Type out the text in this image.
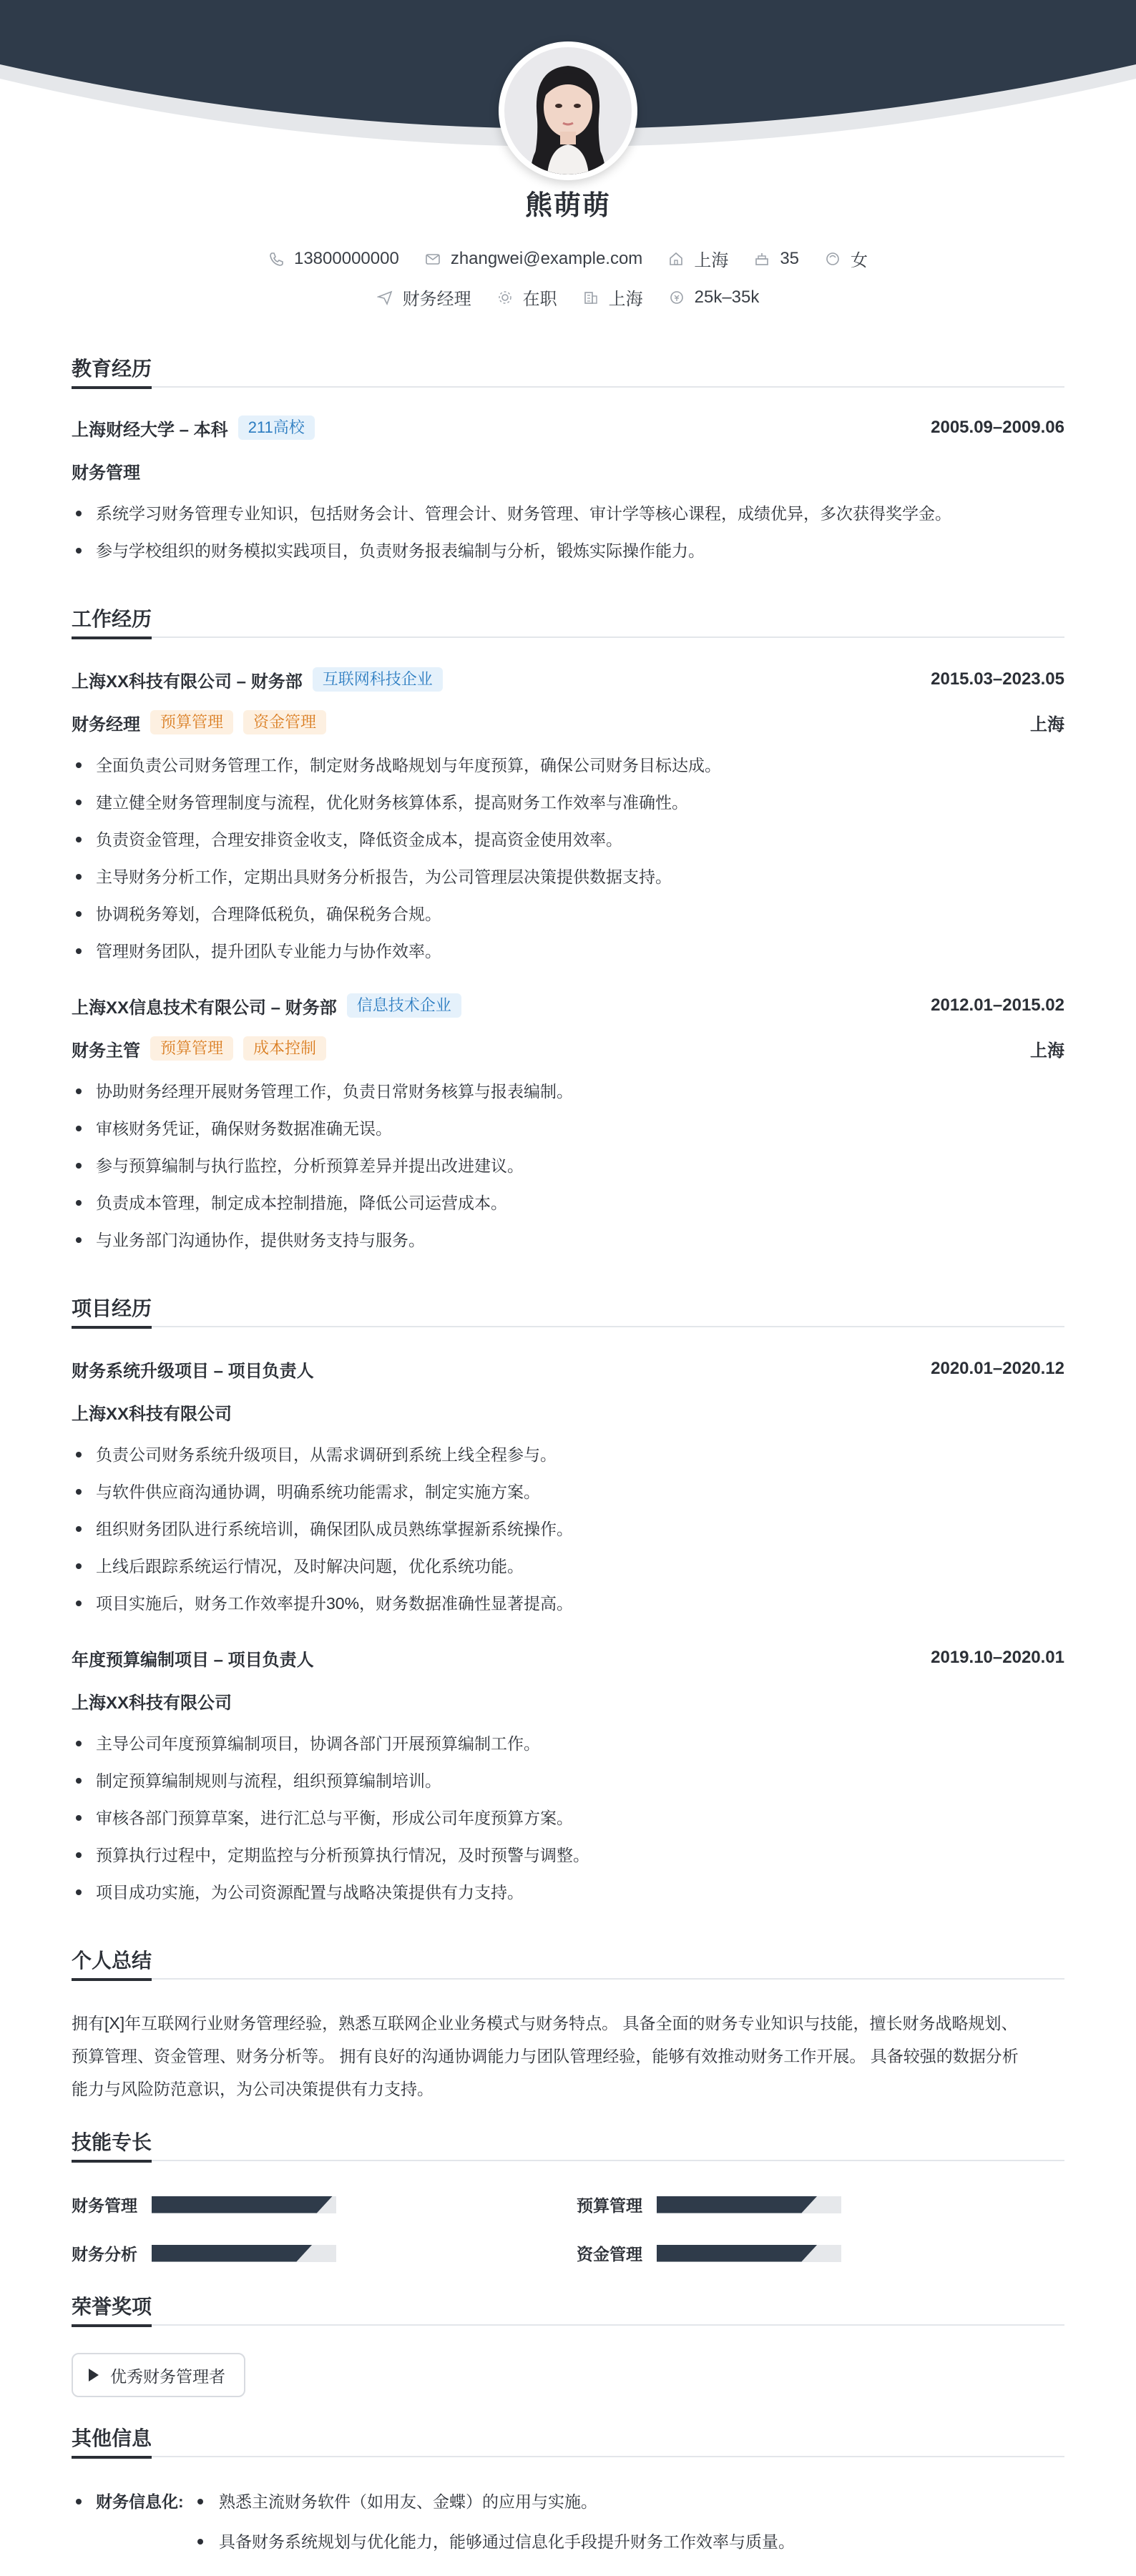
熊萌萌
13800000000	zhangwei@example.com	上海	35	女
财务经理	在职	上海	25k–35k
教育经历
上海财经大学 – 本科	211高校	2005.09–2009.06
财务管理
系统学习财务管理专业知识，包括财务会计、管理会计、财务管理、审计学等核心课程，成绩优异，多次获得奖学金。
参与学校组织的财务模拟实践项目，负责财务报表编制与分析，锻炼实际操作能力。
工作经历
上海XX科技有限公司 – 财务部	互联网科技企业	2015.03–2023.05
财务经理	预算管理	资金管理	上海
全面负责公司财务管理工作，制定财务战略规划与年度预算，确保公司财务目标达成。
建立健全财务管理制度与流程，优化财务核算体系，提高财务工作效率与准确性。
负责资金管理，合理安排资金收支，降低资金成本，提高资金使用效率。
主导财务分析工作，定期出具财务分析报告，为公司管理层决策提供数据支持。
协调税务筹划，合理降低税负，确保税务合规。
管理财务团队，提升团队专业能力与协作效率。
上海XX信息技术有限公司 – 财务部	信息技术企业	2012.01–2015.02
财务主管	预算管理	成本控制	上海
协助财务经理开展财务管理工作，负责日常财务核算与报表编制。
审核财务凭证，确保财务数据准确无误。
参与预算编制与执行监控，分析预算差异并提出改进建议。
负责成本管理，制定成本控制措施，降低公司运营成本。
与业务部门沟通协作，提供财务支持与服务。
项目经历
财务系统升级项目 – 项目负责人	2020.01–2020.12
上海XX科技有限公司
负责公司财务系统升级项目，从需求调研到系统上线全程参与。
与软件供应商沟通协调，明确系统功能需求，制定实施方案。
组织财务团队进行系统培训，确保团队成员熟练掌握新系统操作。
上线后跟踪系统运行情况，及时解决问题，优化系统功能。
项目实施后，财务工作效率提升30%，财务数据准确性显著提高。
年度预算编制项目 – 项目负责人	2019.10–2020.01
上海XX科技有限公司
主导公司年度预算编制项目，协调各部门开展预算编制工作。
制定预算编制规则与流程，组织预算编制培训。
审核各部门预算草案，进行汇总与平衡，形成公司年度预算方案。
预算执行过程中，定期监控与分析预算执行情况，及时预警与调整。
项目成功实施，为公司资源配置与战略决策提供有力支持。
个人总结
拥有[X]年互联网行业财务管理经验，熟悉互联网企业业务模式与财务特点。 具备全面的财务专业知识与技能，擅长财务战略规划、
预算管理、资金管理、财务分析等。 拥有良好的沟通协调能力与团队管理经验，能够有效推动财务工作开展。 具备较强的数据分析
能力与风险防范意识，为公司决策提供有力支持。
技能专长
财务管理	预算管理
财务分析	资金管理
荣誉奖项
优秀财务管理者
其他信息
财务信息化: 熟悉主流财务软件（如用友、金蝶）的应用与实施。
具备财务系统规划与优化能力，能够通过信息化手段提升财务工作效率与质量。
